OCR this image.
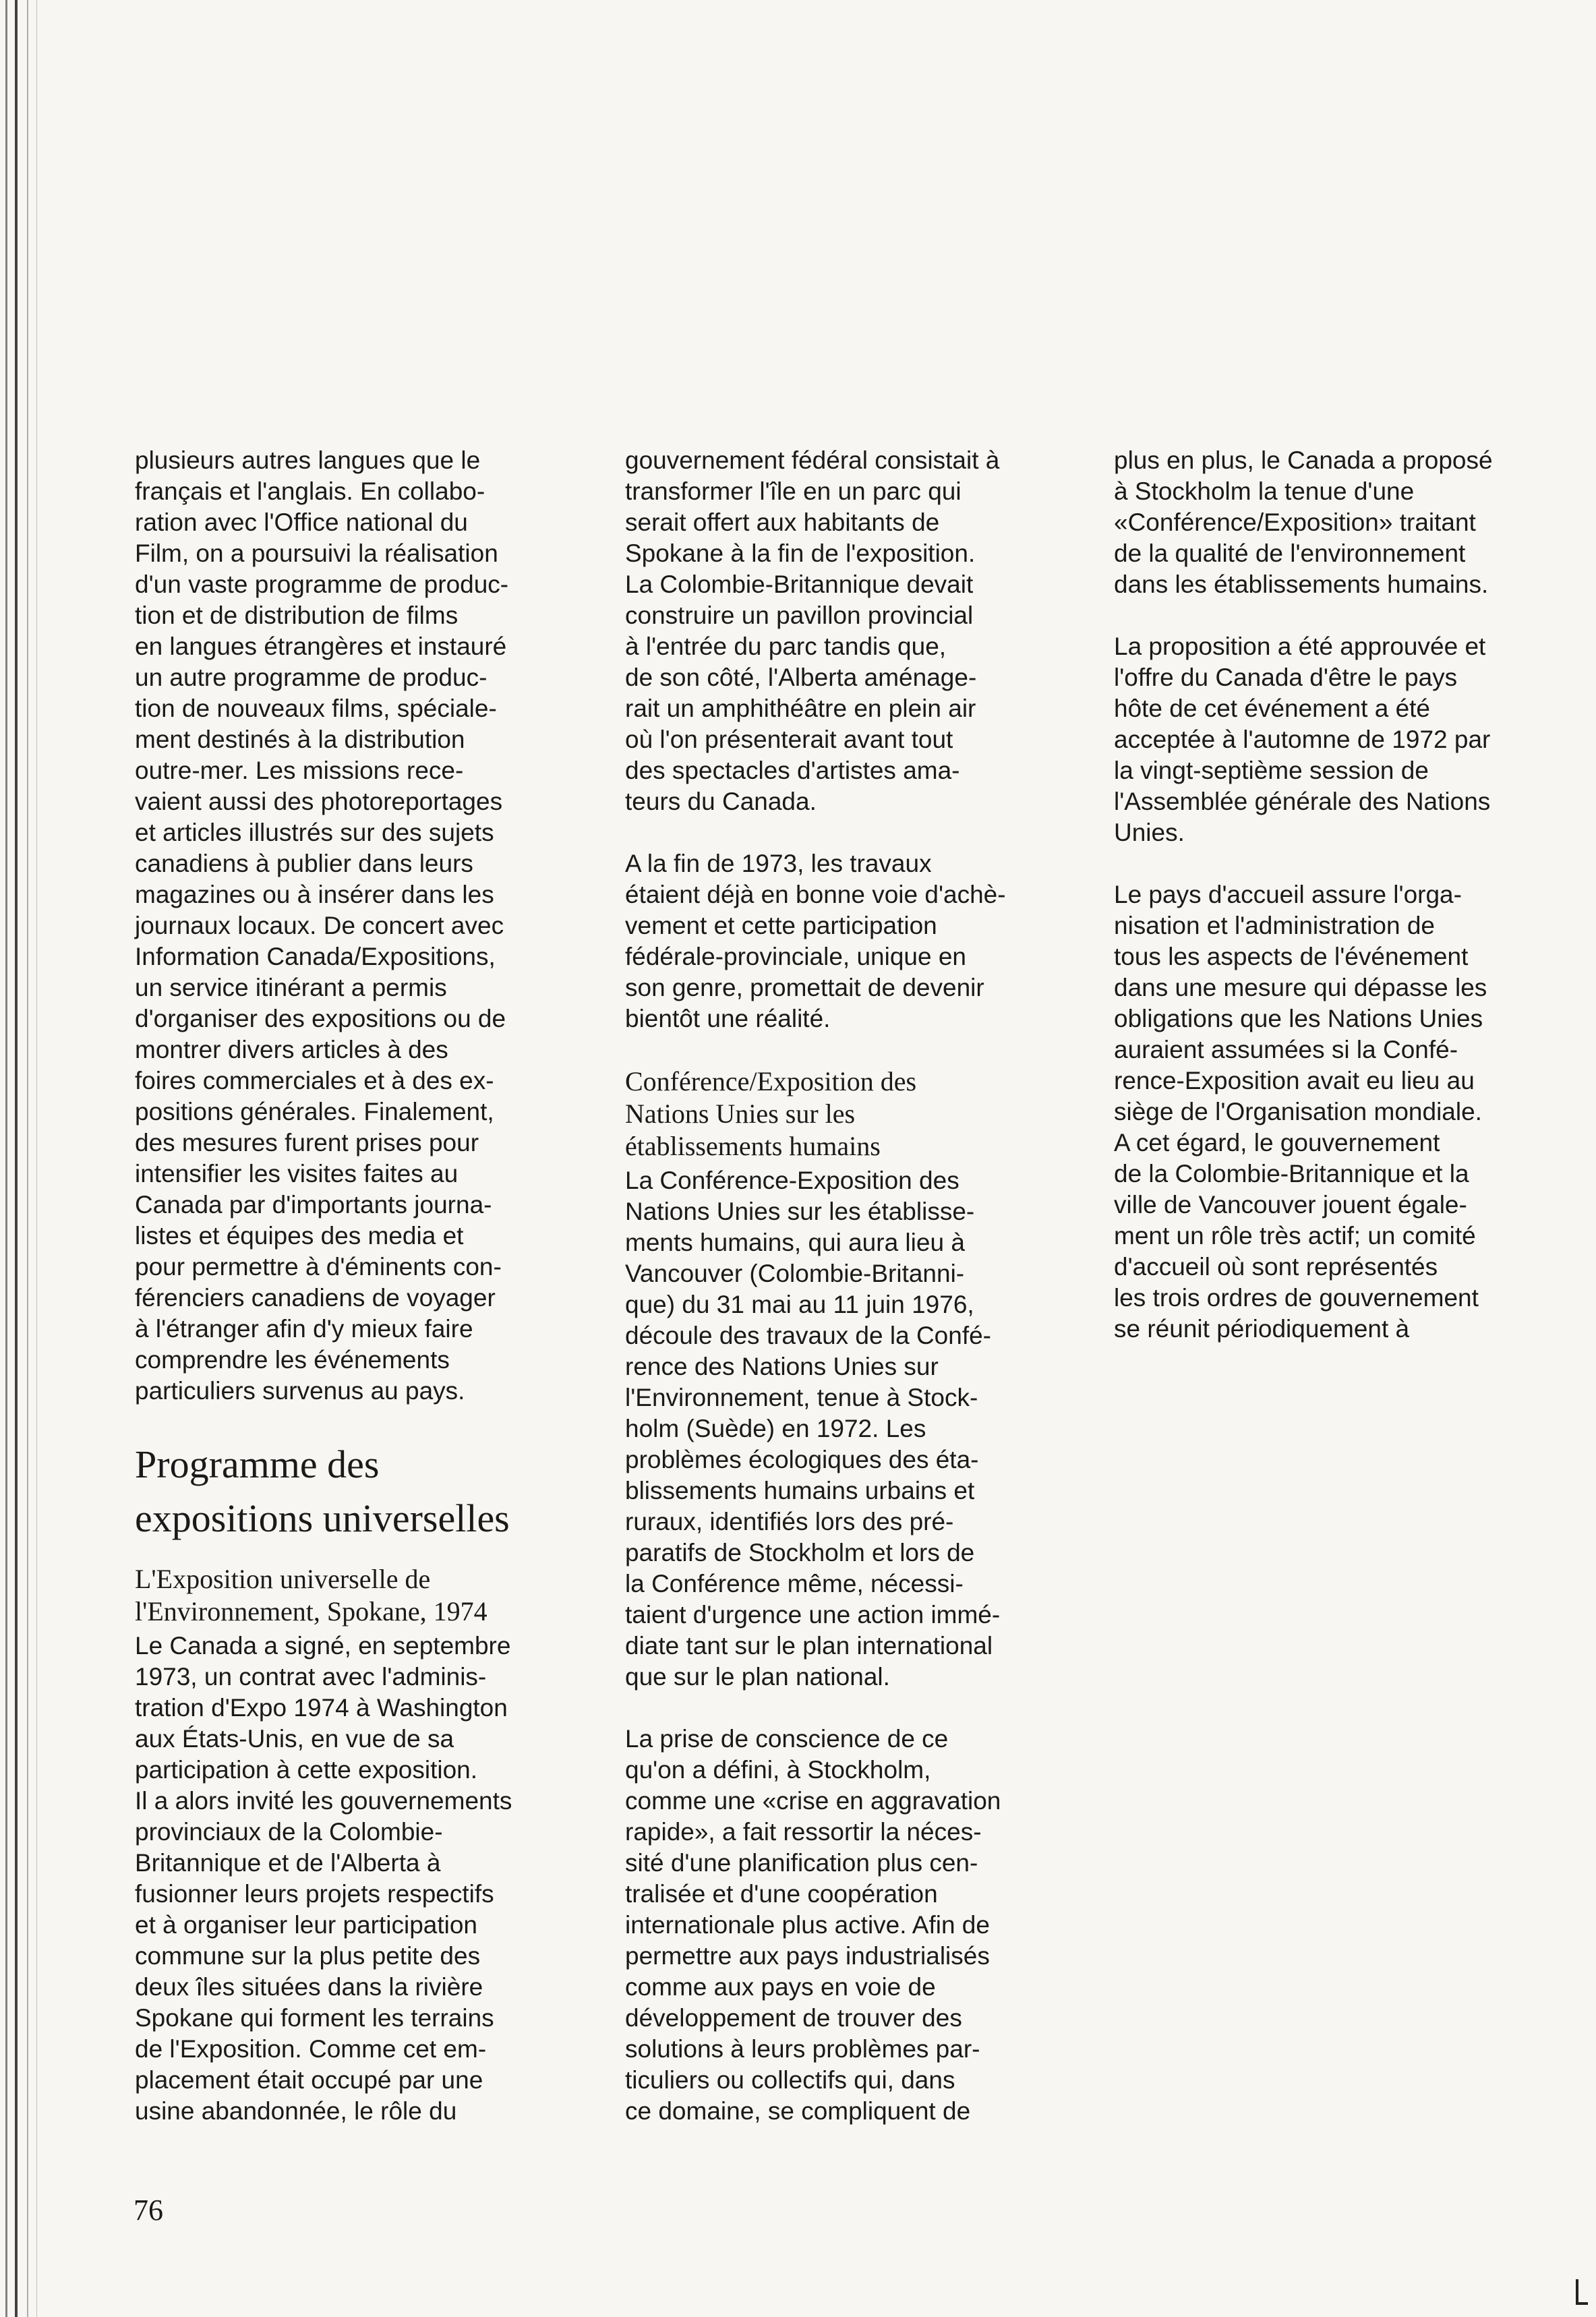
plusieurs autres langues que le
français et l'anglais. En collabo-
ration avec l'Office national du
Film, on a poursuivi la réalisation
d'un vaste programme de produc-
tion et de distribution de films
en langues étrangères et instauré
un autre programme de produc-
tion de nouveaux films, spéciale-
ment destinés à la distribution
outre-mer. Les missions rece-
vaient aussi des photoreportages
et articles illustrés sur des sujets
canadiens à publier dans leurs
magazines ou à insérer dans les
journaux locaux. De concert avec
Information Canada/Expositions,
un service itinérant a permis
d'organiser des expositions ou de
montrer divers articles à des
foires commerciales et à des ex-
positions générales. Finalement,
des mesures furent prises pour
intensifier les visites faites au
Canada par d'importants journa-
listes et équipes des media et
pour permettre à d'éminents con-
férenciers canadiens de voyager
à l'étranger afin d'y mieux faire
comprendre les événements
particuliers survenus au pays.

Programme des
expositions universelles
L'Exposition universelle de
l'Environnement, Spokane, 1974

Le Canada a signé, en septembre
1973, un contrat avec l'adminis-
tration d'Expo 1974 à Washington
aux États-Unis, en vue de sa
participation à cette exposition.
Il a alors invité les gouvernements
provinciaux de la Colombie-
Britannique et de l'Alberta à
fusionner leurs projets respectifs
et à organiser leur participation
commune sur la plus petite des
deux îles situées dans la rivière
Spokane qui forment les terrains
de l'Exposition. Comme cet em-
placement était occupé par une
usine abandonnée, le rôle du

gouvernement fédéral consistait à
transformer l'île en un parc qui
serait offert aux habitants de
Spokane à la fin de l'exposition.
La Colombie-Britannique devait
construire un pavillon provincial
à l'entrée du parc tandis que,
de son côté, l'Alberta aménage-
rait un amphithéâtre en plein air
où l'on présenterait avant tout
des spectacles d'artistes ama-
teurs du Canada.

A la fin de 1973, les travaux
étaient déjà en bonne voie d'achè-
vement et cette participation
fédérale-provinciale, unique en
son genre, promettait de devenir
bientôt une réalité.

Conférence/Exposition des
Nations Unies sur les
établissements humains

La Conférence-Exposition des
Nations Unies sur les établisse-
ments humains, qui aura lieu à
Vancouver (Colombie-Britanni-
que) du 31 mai au 11 juin 1976,
découle des travaux de la Confé-
rence des Nations Unies sur
l'Environnement, tenue à Stock-
holm (Suède) en 1972. Les
problèmes écologiques des éta-
blissements humains urbains et
ruraux, identifiés lors des pré-
paratifs de Stockholm et lors de
la Conférence même, nécessi-
taient d'urgence une action immé-
diate tant sur le plan international
que sur le plan national.

La prise de conscience de ce
qu'on a défini, à Stockholm,
comme une «crise en aggravation
rapide», a fait ressortir la néces-
sité d'une planification plus cen-
tralisée et d'une coopération
internationale plus active. Afin de
permettre aux pays industrialisés
comme aux pays en voie de
développement de trouver des
solutions à leurs problèmes par-
ticuliers ou collectifs qui, dans
ce domaine, se compliquent de

plus en plus, le Canada a proposé
à Stockholm la tenue d'une
«Conférence/Exposition» traitant
de la qualité de l'environnement
dans les établissements humains.

La proposition a été approuvée et
l'offre du Canada d'être le pays
hôte de cet événement a été
acceptée à l'automne de 1972 par
la vingt-septième session de
l'Assemblée générale des Nations
Unies.

Le pays d'accueil assure l'orga-
nisation et l'administration de
tous les aspects de l'événement
dans une mesure qui dépasse les
obligations que les Nations Unies
auraient assumées si la Confé-
rence-Exposition avait eu lieu au
siège de l'Organisation mondiale.
A cet égard, le gouvernement
de la Colombie-Britannique et la
ville de Vancouver jouent égale-
ment un rôle très actif; un comité
d'accueil où sont représentés
les trois ordres de gouvernement
se réunit périodiquement à

76
